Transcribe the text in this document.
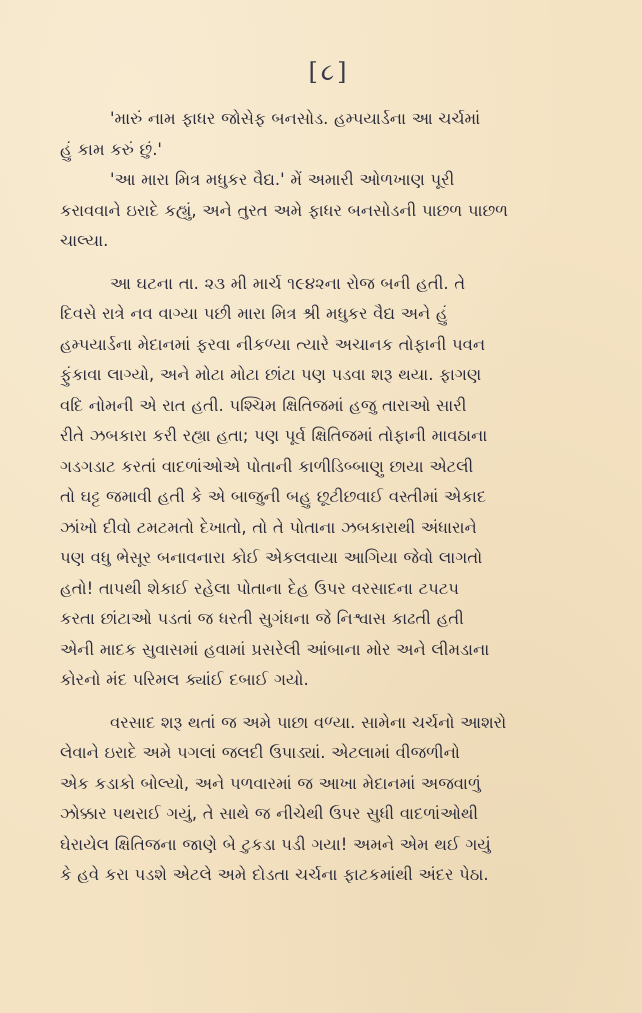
[૮]
'મારું નામ ફાધર જોસેફ બનસોડ. હમ્પયાર્ડના આ ચર્ચમાં
હું કામ કરું છું.'
'આ મારા મિત્ર મધુકર વૈદ્ય.' મેં અમારી ઓળખાણ પૂરી
કરાવવાને ઇરાદે કહ્યું, અને તુરત અમે ફાધર બનસોડની પાછળ પાછળ
ચાલ્યા.
આ ઘટના તા. ૨૩ મી માર્ચ ૧૯૪૨ના રોજ બની હતી. તે
દિવસે રાત્રે નવ વાગ્યા પછી મારા મિત્ર શ્રી મધુકર વૈદ્ય અને હું
હમ્પયાર્ડના મેદાનમાં ફરવા નીકળ્યા ત્યારે અચાનક તોફાની પવન
ફુંકાવા લાગ્યો, અને મોટા મોટા છાંટા પણ પડવા શરૂ થયા. ફાગણ
વદિ નોમની એ રાત હતી. પશ્ચિમ ક્ષિતિજમાં હજુ તારાઓ સારી
રીતે ઝબકારા કરી રહ્યા હતા; પણ પૂર્વ ક્ષિતિજમાં તોફાની માવઠાના
ગડગડાટ કરતાં વાદળાંઓએ પોતાની કાળીડિબ્બાણુ છાયા એટલી
તો ઘટ્ટ જમાવી હતી કે એ બાજુની બહુ છૂટીછવાઈ વસ્તીમાં એકાદ
ઝાંખો દીવો ટમટમતો દેખાતો, તો તે પોતાના ઝબકારાથી અંધારાને
પણ વધુ ભેસૂર બનાવનારા કોઈ એકલવાયા આગિયા જેવો લાગતો
હતો! તાપથી શેકાઈ રહેલા પોતાના દેહ ઉપર વરસાદના ટપટપ
કરતા છાંટાઓ પડતાં જ ધરતી સુગંધના જે નિશ્વાસ કાઢતી હતી
એની માદક સુવાસમાં હવામાં પ્રસરેલી આંબાના મોર અને લીમડાના
કોરનો મંદ પરિમલ ક્યાંઈ દબાઈ ગયો.
વરસાદ શરૂ થતાં જ અમે પાછા વળ્યા. સામેના ચર્ચનો આશરો
લેવાને ઇરાદે અમે પગલાં જલદી ઉપાડ્યાં. એટલામાં વીજળીનો
એક કડાકો બોલ્યો, અને પળવારમાં જ આખા મેદાનમાં અજવાળું
ઝોક્કાર પથરાઈ ગયું, તે સાથે જ નીચેથી ઉપર સુધી વાદળાંઓથી
ઘેરાયેલ ક્ષિતિજના જાણે બે ટુકડા પડી ગયા! અમને એમ થઈ ગયું
કે હવે કરા પડશે એટલે અમે દોડતા ચર્ચના ફાટકમાંથી અંદર પેઠા.
